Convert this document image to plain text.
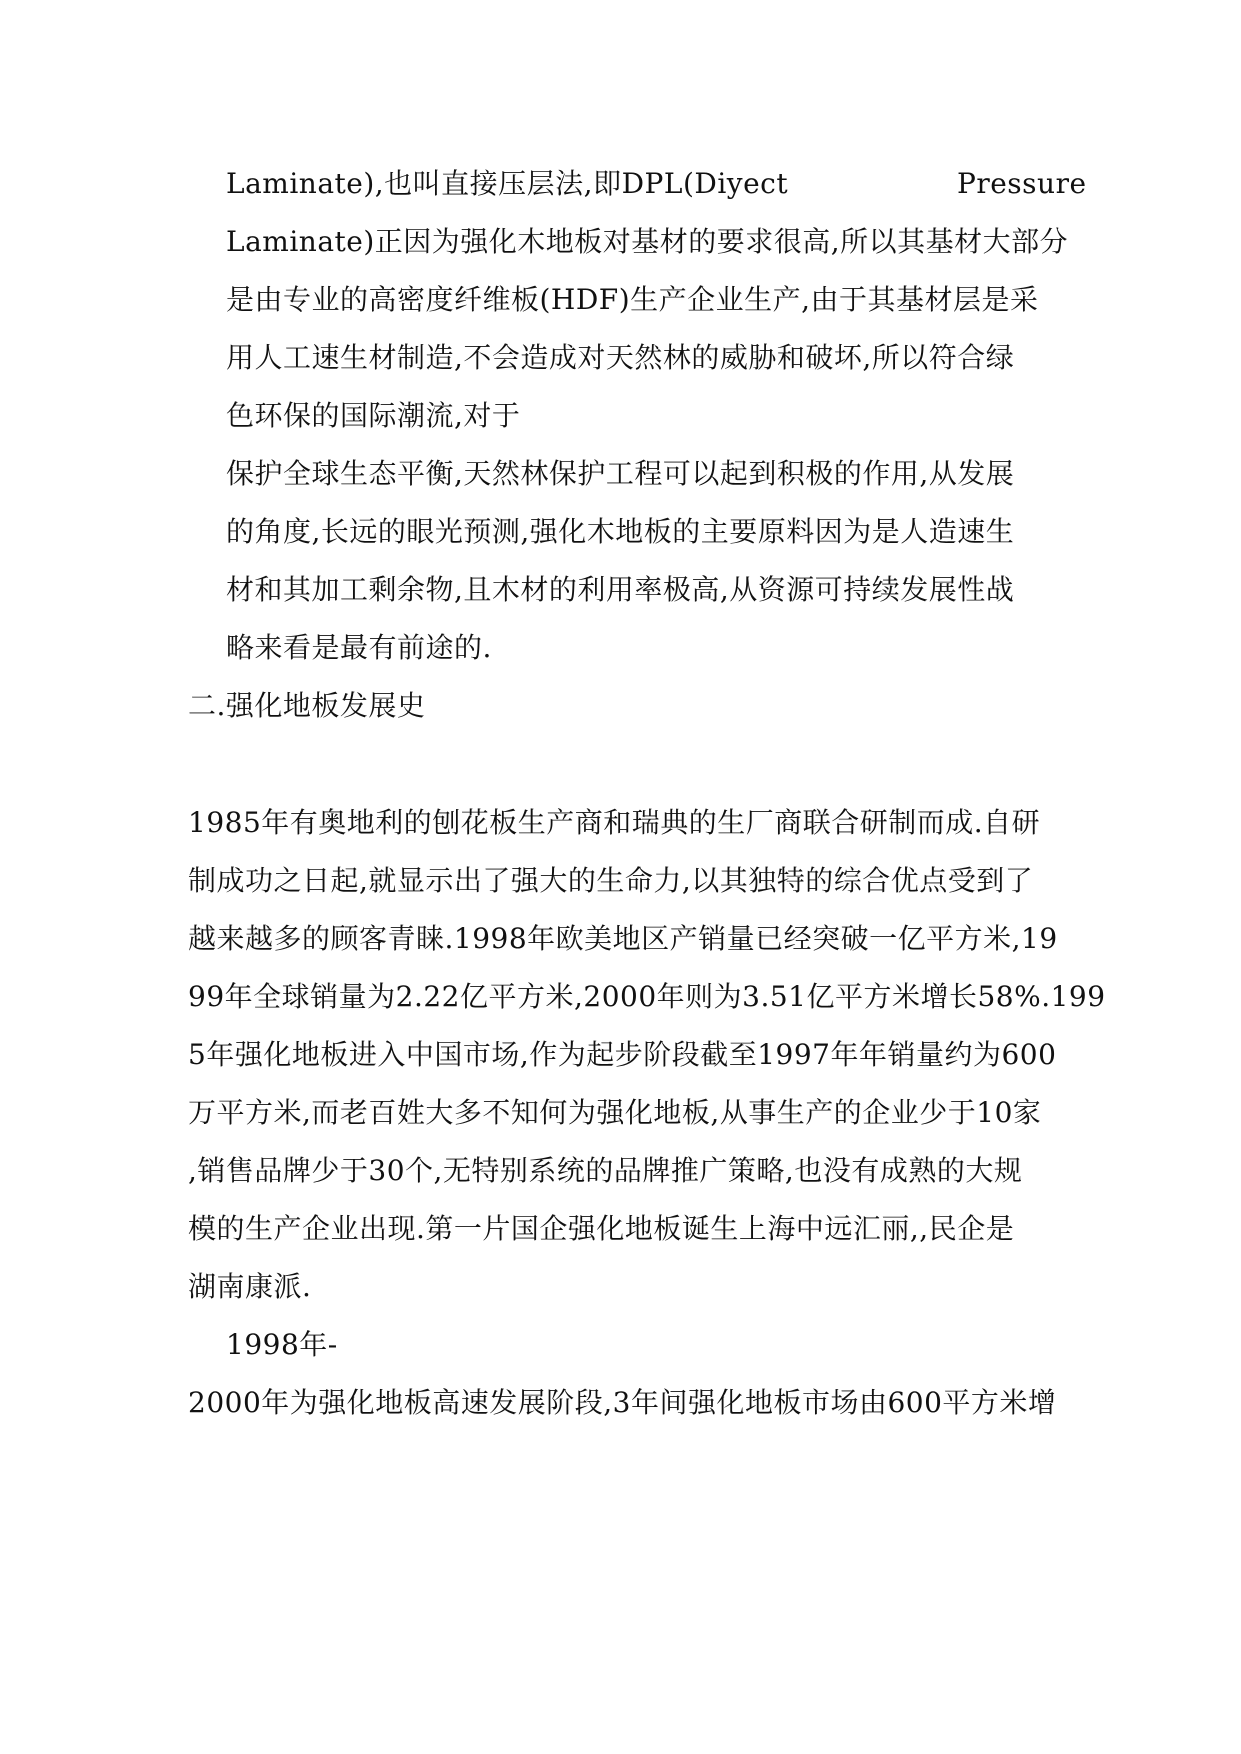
Laminate),也叫直接压层法,即DPL(Diyect	Pressure
Laminate)正因为强化木地板对基材的要求很高,所以其基材大部分
是由专业的高密度纤维板(HDF)生产企业生产,由于其基材层是采
用人工速生材制造,不会造成对天然林的威胁和破坏,所以符合绿
色环保的国际潮流,对于
保护全球生态平衡,天然林保护工程可以起到积极的作用,从发展
的角度,长远的眼光预测,强化木地板的主要原料因为是人造速生
材和其加工剩余物,且木材的利用率极高,从资源可持续发展性战
略来看是最有前途的.
二.强化地板发展史
1985年有奥地利的刨花板生产商和瑞典的生厂商联合研制而成.自研
制成功之日起,就显示出了强大的生命力,以其独特的综合优点受到了
越来越多的顾客青睐.1998年欧美地区产销量已经突破一亿平方米,19
99年全球销量为2.22亿平方米,2000年则为3.51亿平方米增长58%.199
5年强化地板进入中国市场,作为起步阶段截至1997年年销量约为600
万平方米,而老百姓大多不知何为强化地板,从事生产的企业少于10家
,销售品牌少于30个,无特别系统的品牌推广策略,也没有成熟的大规
模的生产企业出现.第一片国企强化地板诞生上海中远汇丽,,民企是
湖南康派.
1998年-
2000年为强化地板高速发展阶段,3年间强化地板市场由600平方米增
